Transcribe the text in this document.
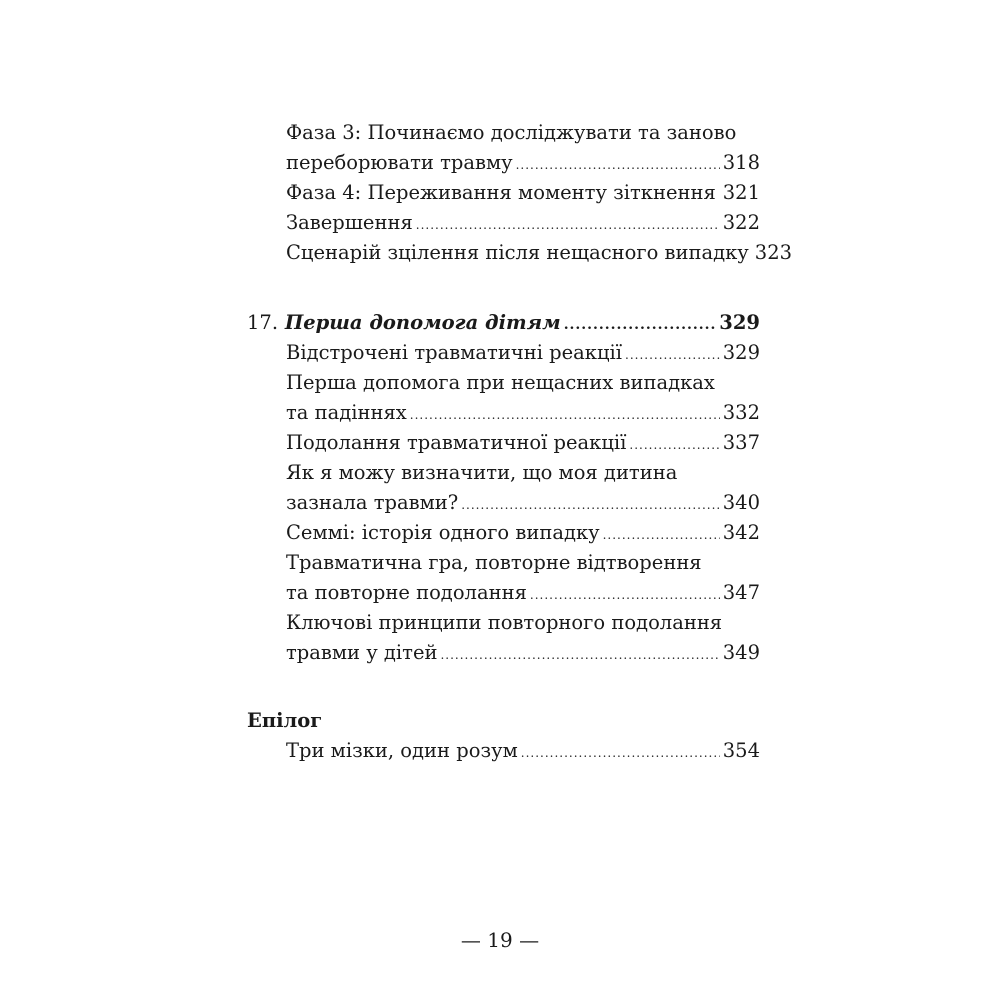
Фаза 3: Починаємо досліджувати та заново
переборювати травму .....	318
Фаза 4: Переживання моменту зіткнення ..... 321
Завершення .....	322
Сценарій зцілення після нещасного випадку 323
17.
Перша допомога дітям .....	329
Відстрочені травматичні реакції .....	329
Перша допомога при нещасних випадках
та падіннях .....	332
Подолання травматичної реакції .....	337
Як я можу визначити, що моя дитина
зазнала травми? .....	340
Семмі: історія одного випадку .....	342
Травматична гра, повторне відтворення
та повторне подолання .....	347
Ключові принципи повторного подолання
травми у дітей .....	349
Епілог
Три мізки, один розум .....	354
— 19 —
